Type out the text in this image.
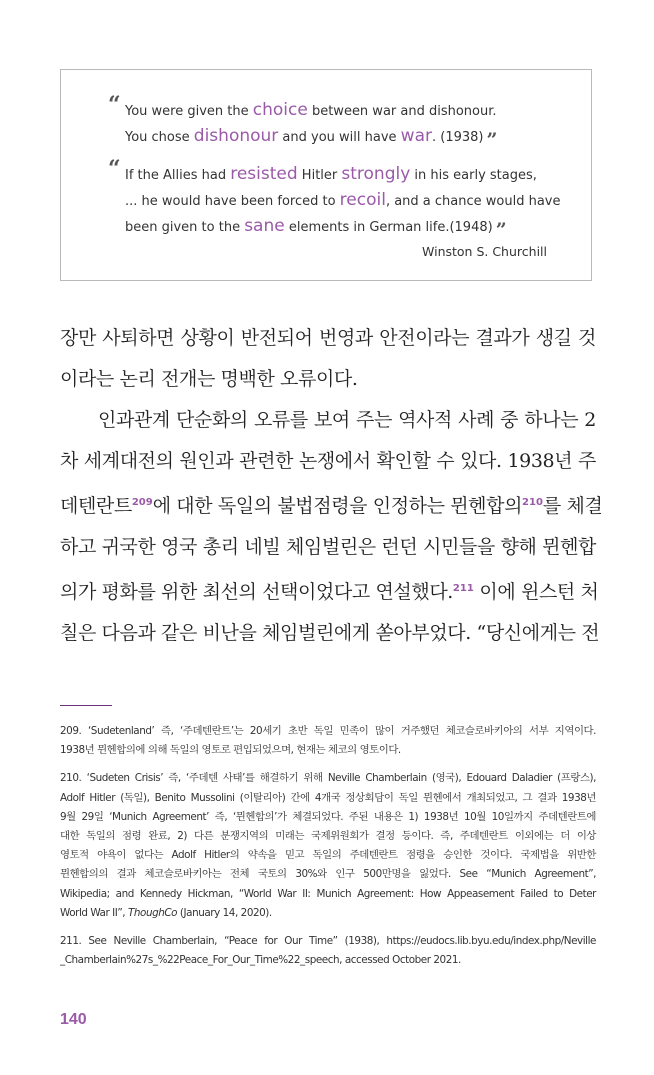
“ You were given the choice between war and dishonour.
You chose dishonour and you will have war. (1938) ”
“ If the Allies had resisted Hitler strongly in his early stages,
... he would have been forced to recoil, and a chance would have
been given to the sane elements in German life.(1948) ”
Winston S. Churchill
장만 사퇴하면 상황이 반전되어 번영과 안전이라는 결과가 생길 것
이라는 논리 전개는 명백한 오류이다.
인과관계 단순화의 오류를 보여 주는 역사적 사례 중 하나는 2
차 세계대전의 원인과 관련한 논쟁에서 확인할 수 있다. 1938년 주
데텐란트$^{209}$에 대한 독일의 불법점령을 인정하는 뮌헨합의$^{210}$를 체결
하고 귀국한 영국 총리 네빌 체임벌린은 런던 시민들을 향해 뮌헨합
의가 평화를 위한 최선의 선택이었다고 연설했다.$^{211}$ 이에 윈스턴 처
칠은 다음과 같은 비난을 체임벌린에게 쏟아부었다. “당신에게는 전
209. ‘Sudetenland’ 즉, ‘주데텐란트’는 20세기 초반 독일 민족이 많이 거주했던 체코슬로바키아의 서부 지역이다.
1938년 뮌헨합의에 의해 독일의 영토로 편입되었으며, 현재는 체코의 영토이다.
210. ‘Sudeten Crisis’ 즉, ‘주데텐 사태’를 해결하기 위해 Neville Chamberlain (영국), Edouard Daladier (프랑스),
Adolf Hitler (독일), Benito Mussolini (이탈리아) 간에 4개국 정상회담이 독일 뮌헨에서 개최되었고, 그 결과 1938년
9월 29일 ‘Munich Agreement’ 즉, ‘뮌헨합의’가 체결되었다. 주된 내용은 1) 1938년 10월 10일까지 주데텐란트에
대한 독일의 점령 완료, 2) 다른 분쟁지역의 미래는 국제위원회가 결정 등이다. 즉, 주데텐란트 이외에는 더 이상
영토적 야욕이 없다는 Adolf Hitler의 약속을 믿고 독일의 주데텐란트 점령을 승인한 것이다. 국제법을 위반한
뮌헨합의의 결과 체코슬로바키아는 전체 국토의 30%와 인구 500만명을 잃었다. See “Munich Agreement”,
Wikipedia; and Kennedy Hickman, “World War II: Munich Agreement: How Appeasement Failed to Deter
World War II”, ThoughCo (January 14, 2020).
211. See Neville Chamberlain, “Peace for Our Time” (1938), https://eudocs.lib.byu.edu/index.php/Neville
_Chamberlain%27s_%22Peace_For_Our_Time%22_speech, accessed October 2021.
140
